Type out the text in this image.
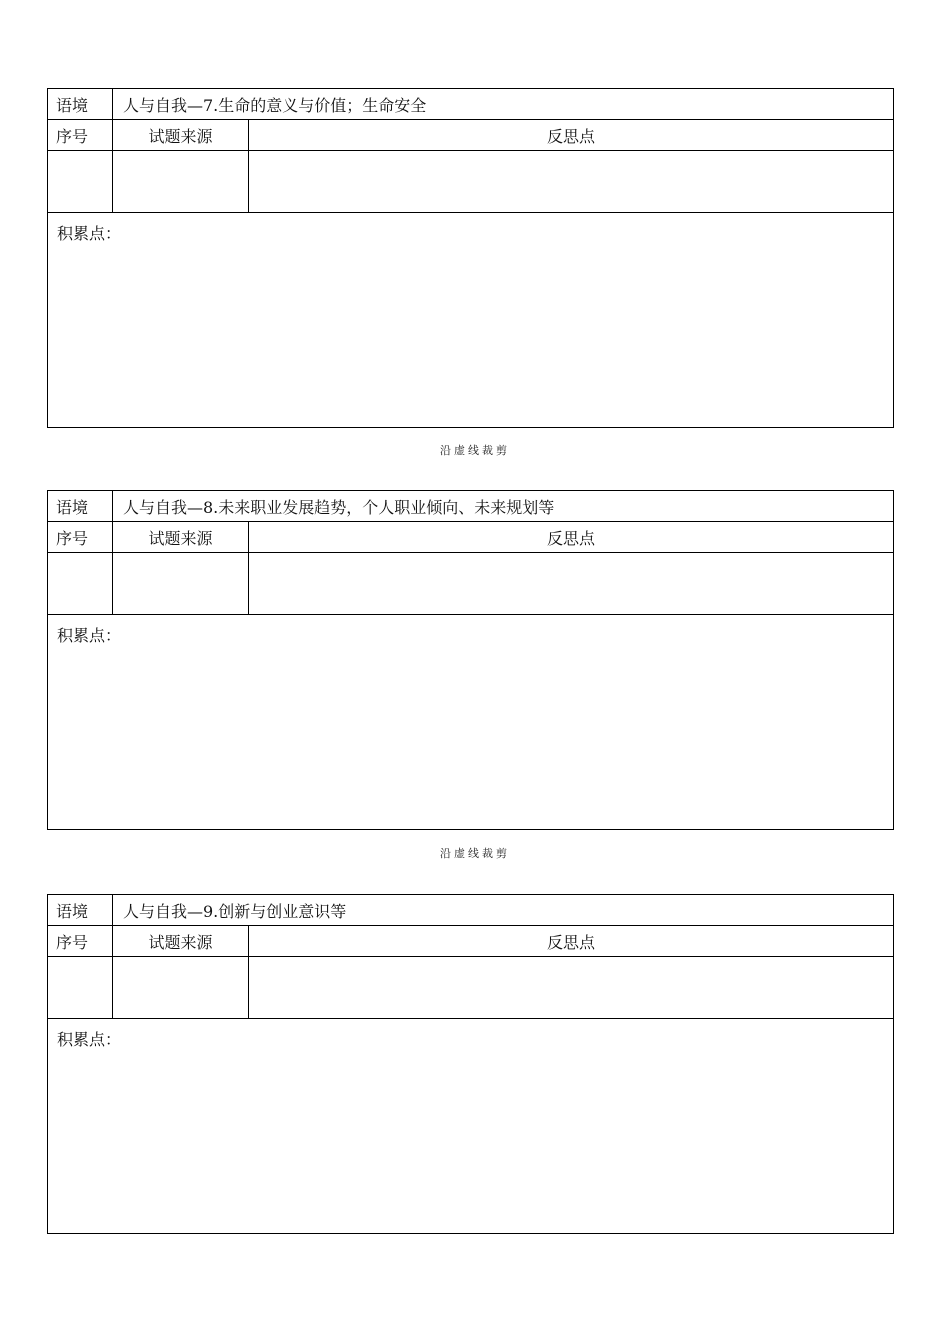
语境	人与自我—7.生命的意义与价值；生命安全
序号	试题来源	反思点
积累点：
沿虚线裁剪
语境	人与自我—8.未来职业发展趋势，个人职业倾向、未来规划等
序号	试题来源	反思点
积累点：
沿虚线裁剪
语境	人与自我—9.创新与创业意识等
序号	试题来源	反思点
积累点：
